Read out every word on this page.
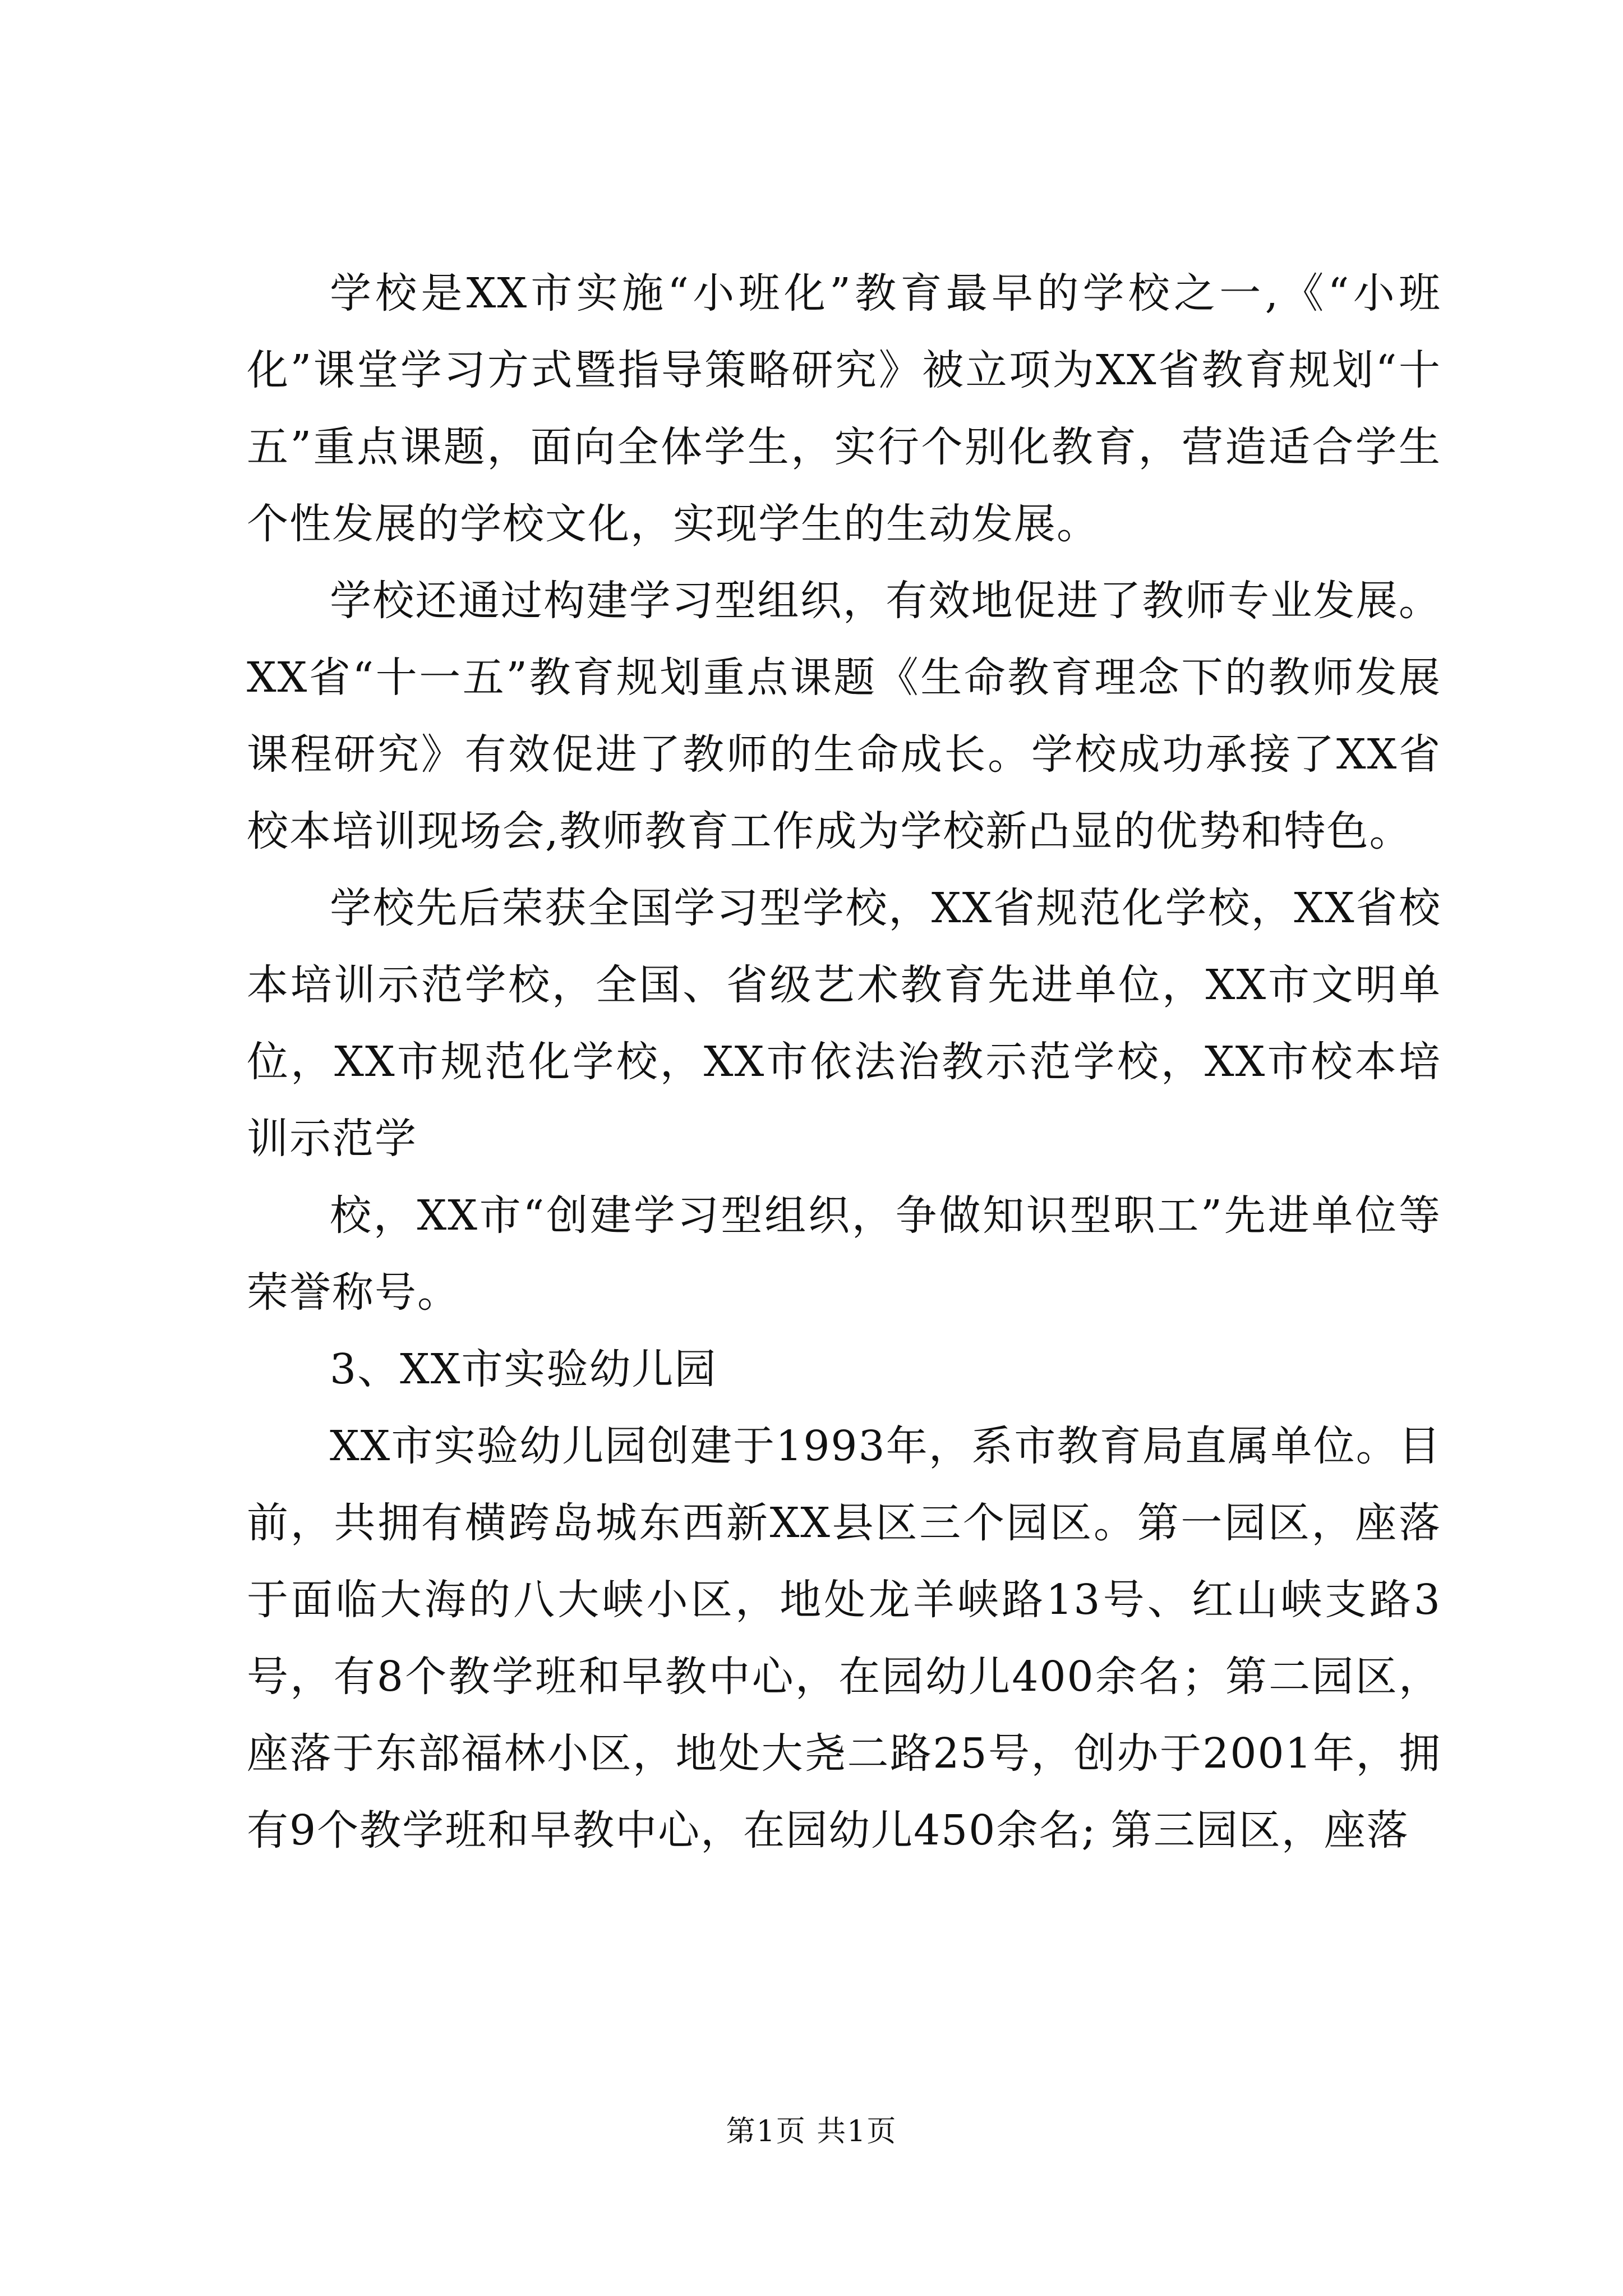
学校是XX市实施“小班化”教育最早的学校之一,《“小班化”课堂学习方式暨指导策略研究》被立项为XX省教育规划“十五”重点课题，面向全体学生，实行个别化教育，营造适合学生个性发展的学校文化，实现学生的生动发展。

学校还通过构建学习型组织，有效地促进了教师专业发展。XX省“十一五”教育规划重点课题《生命教育理念下的教师发展课程研究》有效促进了教师的生命成长。学校成功承接了XX省校本培训现场会,教师教育工作成为学校新凸显的优势和特色。

学校先后荣获全国学习型学校，XX省规范化学校，XX省校本培训示范学校，全国、省级艺术教育先进单位，XX市文明单位，XX市规范化学校，XX市依法治教示范学校，XX市校本培训示范学

校，XX市“创建学习型组织，争做知识型职工”先进单位等荣誉称号。

3、XX市实验幼儿园

XX市实验幼儿园创建于1993年，系市教育局直属单位。目前，共拥有横跨岛城东西新XX县区三个园区。第一园区，座落于面临大海的八大峡小区，地处龙羊峡路13号、红山峡支路3号，有8个教学班和早教中心，在园幼儿400余名；第二园区，座落于东部福林小区，地处大尧二路25号，创办于2001年，拥有9个教学班和早教中心，在园幼儿450余名; 第三园区，座落

第1页 共1页
